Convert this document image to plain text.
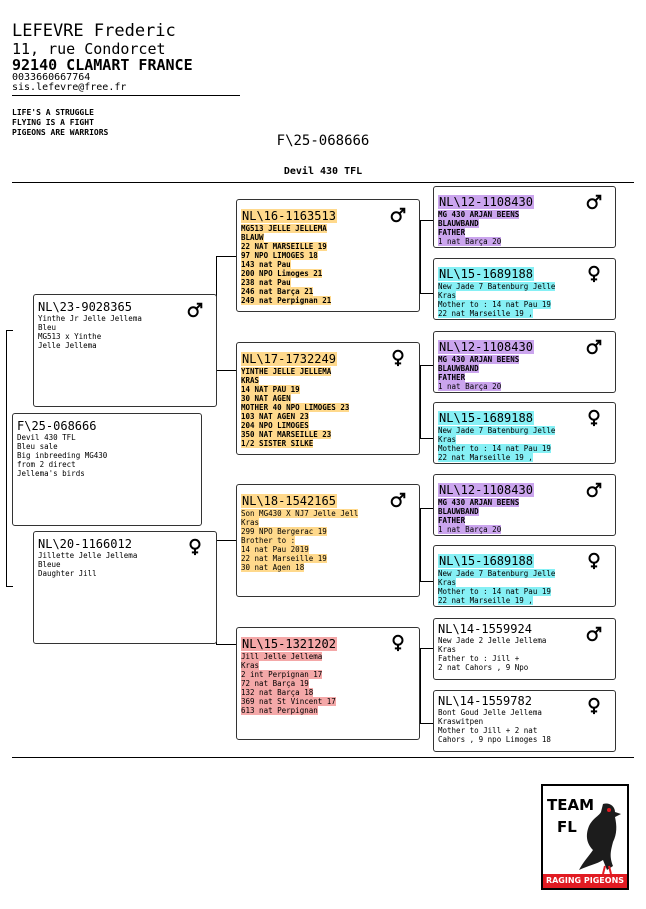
LEFEVRE Frederic
11, rue Condorcet
92140 CLAMART FRANCE
0033660667764
sis.lefevre@free.fr
LIFE'S A STRUGGLE
FLYING IS A FIGHT
PIGEONS ARE WARRIORS
F\25-068666
Devil 430 TFL
F\25-068666
Devil 430 TFL
Bleu sale
Big inbreeding MG430
from 2 direct
Jellema's birds
NL\23-9028365
Yinthe Jr Jelle Jellema
Bleu
MG513 x Yinthe
Jelle Jellema
NL\20-1166012
Jillette Jelle Jellema
Bleue
Daughter Jill
NL\16-1163513
MG513 JELLE JELLEMA
BLAUW
22 NAT MARSEILLE 19
97 NPO LIMOGES 18
143 nat Pau
200 NPO Limoges 21
238 nat Pau
246 nat Barça 21
249 nat Perpignan 21
NL\17-1732249
YINTHE JELLE JELLEMA
KRAS
14 NAT PAU 19
30 NAT AGEN
MOTHER 40 NPO LIMOGES 23
103 NAT AGEN 23
204 NPO LIMOGES
350 NAT MARSEILLE 23
1/2 SISTER SILKE
NL\18-1542165
Son MG430 X NJ7 Jelle Jell
Kras
299 NPO Bergerac 19
Brother to :
14 nat Pau 2019
22 nat Marseille 19
30 nat Agen 18
NL\15-1321202
Jill Jelle Jellema
Kras
2 int Perpignan 17
72 nat Barça 19
132 nat Barça 18
369 nat St Vincent 17
613 nat Perpignan
NL\12-1108430
MG 430 ARJAN BEENS
BLAUWBAND
FATHER
1 nat Barça 20
NL\15-1689188
New Jade 7 Batenburg Jelle
Kras
Mother to : 14 nat Pau 19
22 nat Marseille 19 ,
NL\12-1108430
MG 430 ARJAN BEENS
BLAUWBAND
FATHER
1 nat Barça 20
NL\15-1689188
New Jade 7 Batenburg Jelle
Kras
Mother to : 14 nat Pau 19
22 nat Marseille 19 ,
NL\12-1108430
MG 430 ARJAN BEENS
BLAUWBAND
FATHER
1 nat Barça 20
NL\15-1689188
New Jade 7 Batenburg Jelle
Kras
Mother to : 14 nat Pau 19
22 nat Marseille 19 ,
NL\14-1559924
New Jade 2 Jelle Jellema
Kras
Father to : Jill +
2 nat Cahors , 9 Npo
NL\14-1559782
Bont Goud Jelle Jellema
Kraswitpen
Mother to Jill + 2 nat
Cahors , 9 npo Limoges 18
TEAM
FL
RAGING PIGEONS
